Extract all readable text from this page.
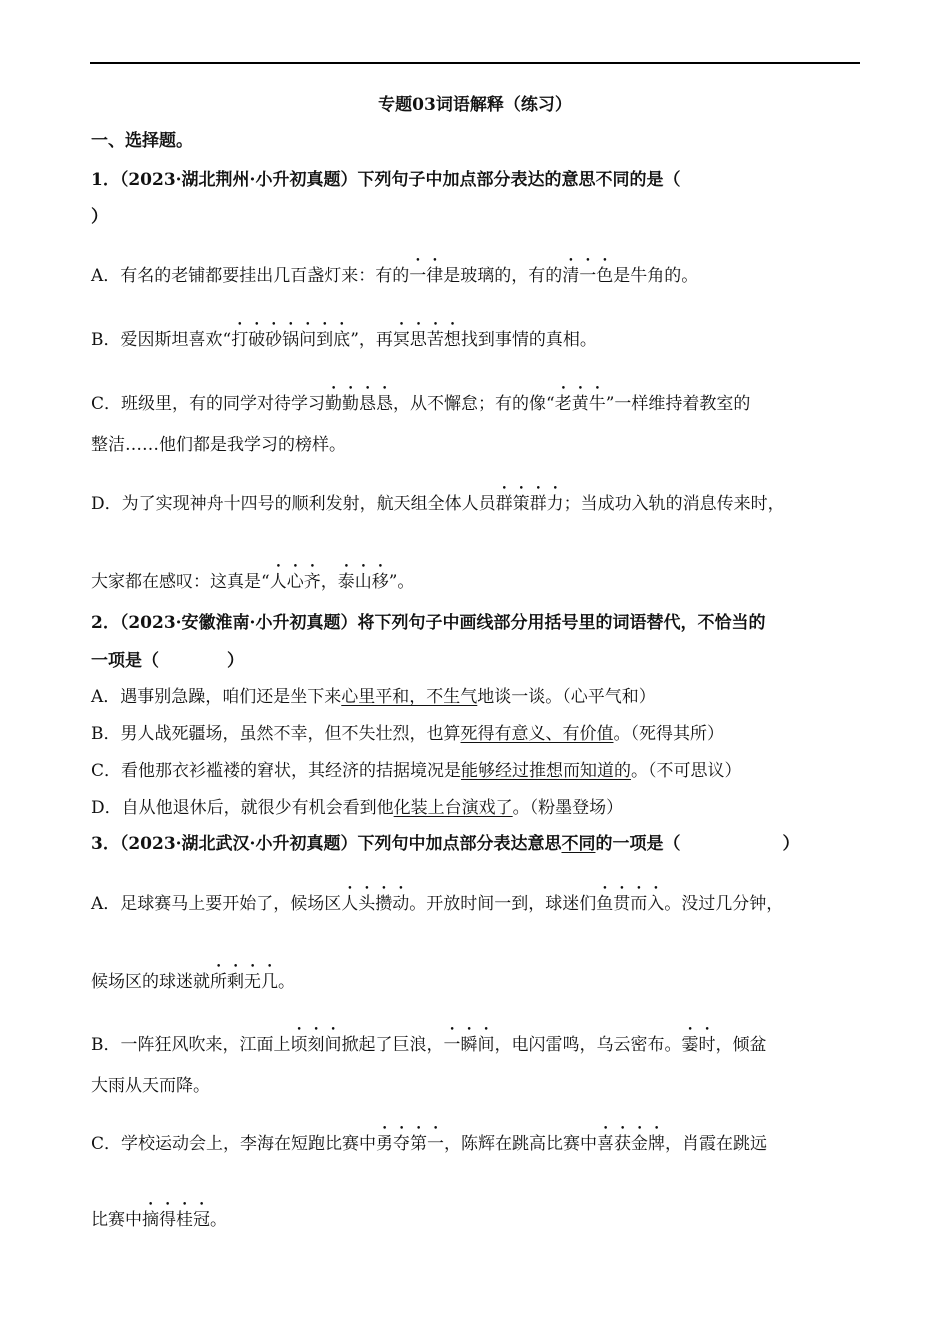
专题03词语解释（练习）
一、选择题。
1．（2023·湖北荆州·小升初真题）下列句子中加点部分表达的意思不同的是（
）
A．有名的老铺都要挂出几百盏灯来：有的一律是玻璃的，有的清一色是牛角的。
B．爱因斯坦喜欢“打破砂锅问到底”，再冥思苦想找到事情的真相。
C．班级里，有的同学对待学习勤勤恳恳，从不懈怠；有的像“老黄牛”一样维持着教室的
整洁……他们都是我学习的榜样。
D．为了实现神舟十四号的顺利发射，航天组全体人员群策群力；当成功入轨的消息传来时，
大家都在感叹：这真是“人心齐，泰山移”。
2．（2023·安徽淮南·小升初真题）将下列句子中画线部分用括号里的词语替代，不恰当的
一项是（　　　　）
A．遇事别急躁，咱们还是坐下来心里平和，不生气地谈一谈。（心平气和）
B．男人战死疆场，虽然不幸，但不失壮烈，也算死得有意义、有价值。（死得其所）
C．看他那衣衫褴褛的窘状，其经济的拮据境况是能够经过推想而知道的。（不可思议）
D．自从他退休后，就很少有机会看到他化装上台演戏了。（粉墨登场）
3．（2023·湖北武汉·小升初真题）下列句中加点部分表达意思不同的一项是（　　　　　　）
A．足球赛马上要开始了，候场区人头攒动。开放时间一到，球迷们鱼贯而入。没过几分钟，
候场区的球迷就所剩无几。
B．一阵狂风吹来，江面上顷刻间掀起了巨浪，一瞬间，电闪雷鸣，乌云密布。霎时，倾盆
大雨从天而降。
C．学校运动会上，李海在短跑比赛中勇夺第一，陈辉在跳高比赛中喜获金牌，肖霞在跳远
比赛中摘得桂冠。
